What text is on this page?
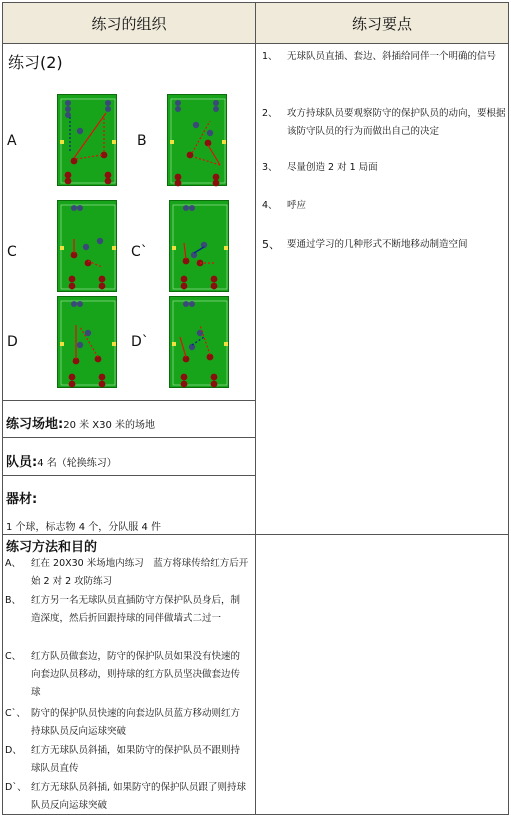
练习的组织	练习要点
练习(2)
A	B
C	C`
D	D`
1、 无球队员直插、套边、斜插给同伴一个明确的信号
2、 攻方持球队员要观察防守的保护队员的动向，要根据该防守队员的行为而做出自己的决定
3、 尽量创造 2 对 1 局面
4、 呼应
5、 要通过学习的几种形式不断地移动制造空间
练习场地:20 米 X30 米的场地
队员:4 名（轮换练习）
器材:
1 个球，标志物 4 个，分队服 4 件
练习方法和目的
A、 红在 20X30 米场地内练习　蓝方将球传给红方后开始 2 对 2 攻防练习
B、 红方另一名无球队员直插防守方保护队员身后，制造深度，然后折回跟持球的同伴做墙式二过一
C、 红方队员做套边，防守的保护队员如果没有快速的向套边队员移动，则持球的红方队员坚决做套边传球
C`、 防守的保护队员快速的向套边队员蓝方移动则红方持球队员反向运球突破
D、 红方无球队员斜插，如果防守的保护队员不跟则持球队员直传
D`、 红方无球队员斜插, 如果防守的保护队员跟了则持球队员反向运球突破
